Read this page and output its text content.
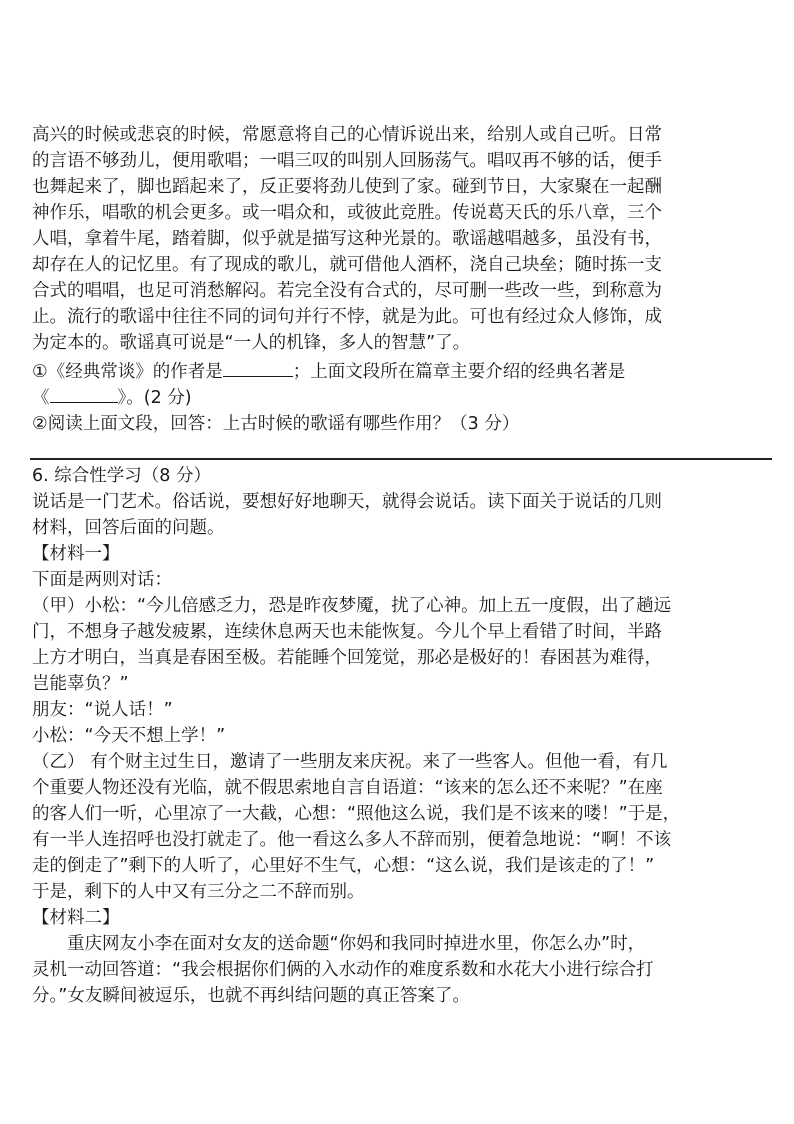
高兴的时候或悲哀的时候，常愿意将自己的心情诉说出来，给别人或自己听。日常
的言语不够劲儿，便用歌唱；一唱三叹的叫别人回肠荡气。唱叹再不够的话，便手
也舞起来了，脚也蹈起来了，反正要将劲儿使到了家。碰到节日，大家聚在一起酬
神作乐，唱歌的机会更多。或一唱众和，或彼此竞胜。传说葛天氏的乐八章，三个
人唱，拿着牛尾，踏着脚，似乎就是描写这种光景的。歌谣越唱越多，虽没有书，
却存在人的记忆里。有了现成的歌儿，就可借他人酒杯，浇自己块垒；随时拣一支
合式的唱唱，也足可消愁解闷。若完全没有合式的，尽可删一些改一些，到称意为
止。流行的歌谣中往往不同的词句并行不悖，就是为此。可也有经过众人修饰，成
为定本的。歌谣真可说是“一人的机锋，多人的智慧”了。
①《经典常谈》的作者是	；上面文段所在篇章主要介绍的经典名著是
《	》。(2 分)
②阅读上面文段，回答：上古时候的歌谣有哪些作用？（3 分）
6. 综合性学习（8 分）
说话是一门艺术。俗话说，要想好好地聊天，就得会说话。读下面关于说话的几则
材料，回答后面的问题。
【材料一】
下面是两则对话：
（甲）小松：“今儿倍感乏力，恐是昨夜梦魇，扰了心神。加上五一度假，出了趟远
门，不想身子越发疲累，连续休息两天也未能恢复。今儿个早上看错了时间，半路
上方才明白，当真是春困至极。若能睡个回笼觉，那必是极好的！春困甚为难得，
岂能辜负？”
朋友：“说人话！”
小松：“今天不想上学！”
（乙） 有个财主过生日，邀请了一些朋友来庆祝。来了一些客人。但他一看，有几
个重要人物还没有光临，就不假思索地自言自语道：“该来的怎么还不来呢？”在座
的客人们一听，心里凉了一大截，心想：“照他这么说，我们是不该来的喽！”于是，
有一半人连招呼也没打就走了。他一看这么多人不辞而别，便着急地说：“啊！不该
走的倒走了”剩下的人听了，心里好不生气，心想：“这么说，我们是该走的了！”
于是，剩下的人中又有三分之二不辞而别。
【材料二】
　　重庆网友小李在面对女友的送命题“你妈和我同时掉进水里，你怎么办”时，
灵机一动回答道：“我会根据你们俩的入水动作的难度系数和水花大小进行综合打
分。”女友瞬间被逗乐，也就不再纠结问题的真正答案了。
